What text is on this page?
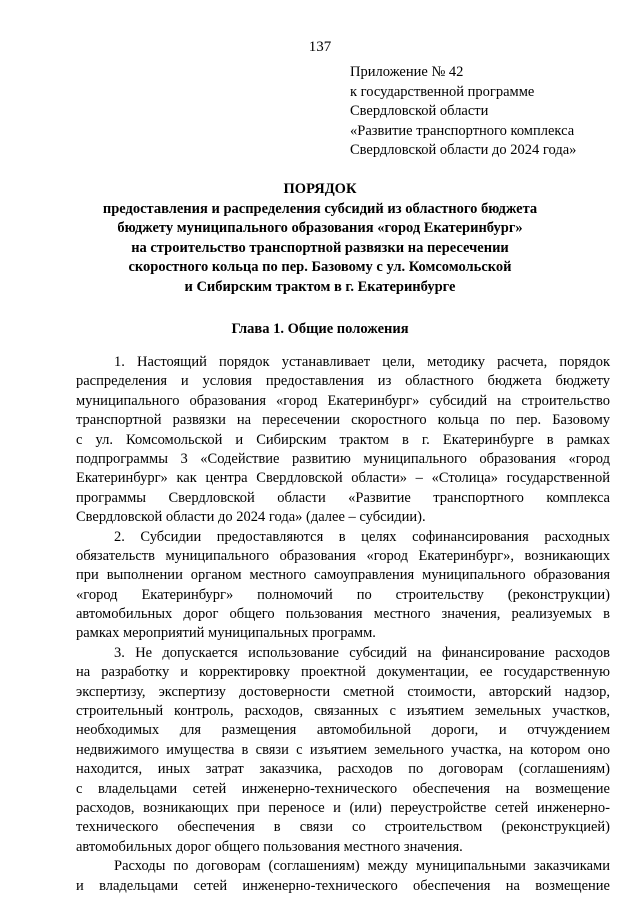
137
Приложение № 42
к государственной программе
Свердловской области
«Развитие транспортного комплекса
Свердловской области до 2024 года»
ПОРЯДОК
предоставления и распределения субсидий из областного бюджета
бюджету муниципального образования «город Екатеринбург»
на строительство транспортной развязки на пересечении
скоростного кольца по пер. Базовому с ул. Комсомольской
и Сибирским трактом в г. Екатеринбурге
Глава 1. Общие положения
1. Настоящий порядок устанавливает цели, методику расчета, порядок
распределения и условия предоставления из областного бюджета бюджету
муниципального образования «город Екатеринбург» субсидий на строительство
транспортной развязки на пересечении скоростного кольца по пер. Базовому
с ул. Комсомольской и Сибирским трактом в г. Екатеринбурге в рамках
подпрограммы 3 «Содействие развитию муниципального образования «город
Екатеринбург» как центра Свердловской области» – «Столица» государственной
программы Свердловской области «Развитие транспортного комплекса
Свердловской области до 2024 года» (далее – субсидии).
2. Субсидии предоставляются в целях софинансирования расходных
обязательств муниципального образования «город Екатеринбург», возникающих
при выполнении органом местного самоуправления муниципального образования
«город Екатеринбург» полномочий по строительству (реконструкции)
автомобильных дорог общего пользования местного значения, реализуемых в
рамках мероприятий муниципальных программ.
3. Не допускается использование субсидий на финансирование расходов
на разработку и корректировку проектной документации, ее государственную
экспертизу, экспертизу достоверности сметной стоимости, авторский надзор,
строительный контроль, расходов, связанных с изъятием земельных участков,
необходимых для размещения автомобильной дороги, и отчуждением
недвижимого имущества в связи с изъятием земельного участка, на котором оно
находится, иных затрат заказчика, расходов по договорам (соглашениям)
с владельцами сетей инженерно-технического обеспечения на возмещение
расходов, возникающих при переносе и (или) переустройстве сетей инженерно-
технического обеспечения в связи со строительством (реконструкцией)
автомобильных дорог общего пользования местного значения.
Расходы по договорам (соглашениям) между муниципальными заказчиками
и владельцами сетей инженерно-технического обеспечения на возмещение
